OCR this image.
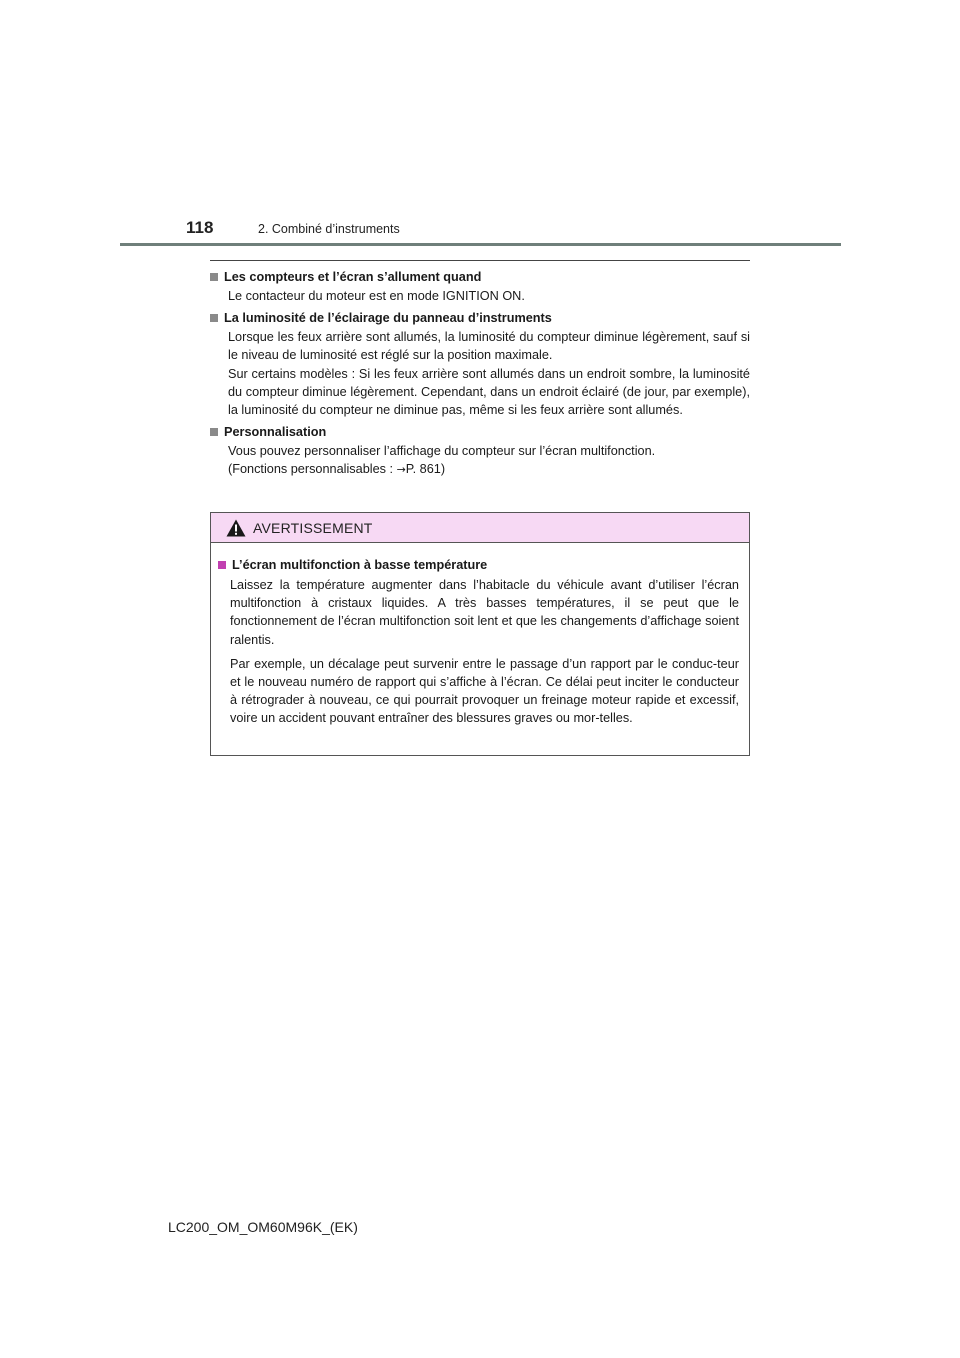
118	2. Combiné d’instruments
Les compteurs et l’écran s’allument quand
Le contacteur du moteur est en mode IGNITION ON.
La luminosité de l’éclairage du panneau d’instruments
Lorsque les feux arrière sont allumés, la luminosité du compteur diminue légèrement, sauf si le niveau de luminosité est réglé sur la position maximale.
Sur certains modèles : Si les feux arrière sont allumés dans un endroit sombre, la luminosité du compteur diminue légèrement. Cependant, dans un endroit éclairé (de jour, par exemple), la luminosité du compteur ne diminue pas, même si les feux arrière sont allumés.
Personnalisation
Vous pouvez personnaliser l’affichage du compteur sur l’écran multifonction.
(Fonctions personnalisables : →P. 861)
AVERTISSEMENT
L’écran multifonction à basse température
Laissez la température augmenter dans l’habitacle du véhicule avant d’utiliser l’écran multifonction à cristaux liquides. A très basses températures, il se peut que le fonctionnement de l’écran multifonction soit lent et que les changements d’affichage soient ralentis.
Par exemple, un décalage peut survenir entre le passage d’un rapport par le conduc-teur et le nouveau numéro de rapport qui s’affiche à l’écran. Ce délai peut inciter le conducteur à rétrograder à nouveau, ce qui pourrait provoquer un freinage moteur rapide et excessif, voire un accident pouvant entraîner des blessures graves ou mor-telles.
LC200_OM_OM60M96K_(EK)
